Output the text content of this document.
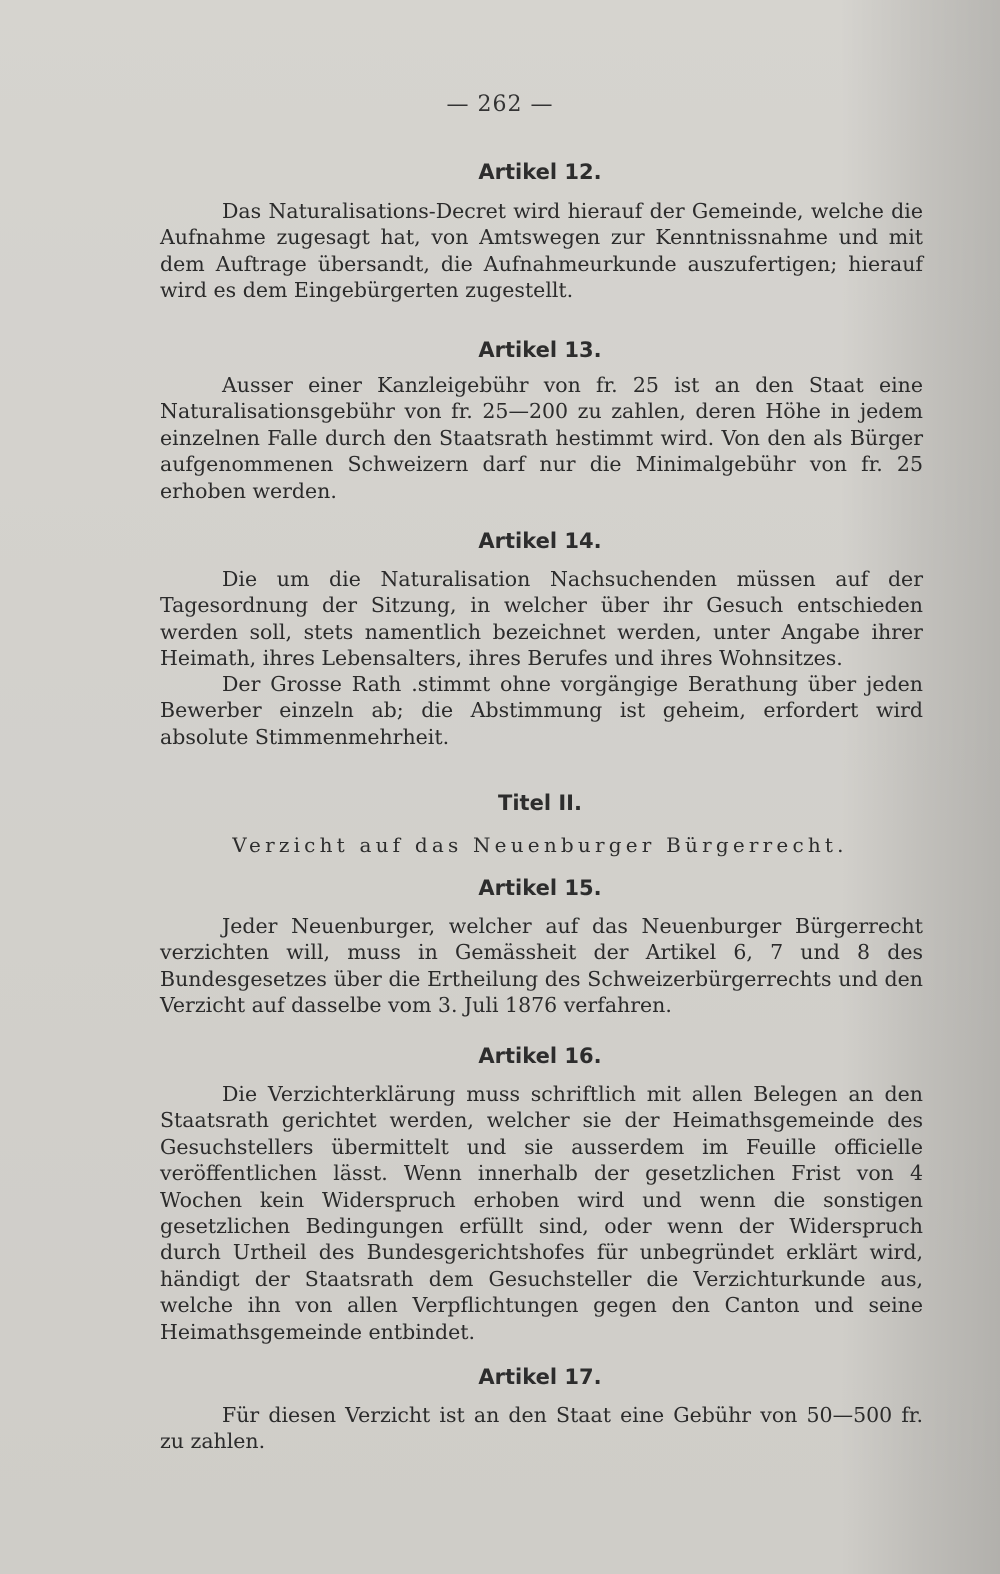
— 262 —
Artikel 12.
Das Naturalisations-Decret wird hierauf der Gemeinde, welche die Aufnahme zugesagt hat, von Amtswegen zur Kenntnissnahme und mit dem Auftrage übersandt, die Aufnahmeurkunde auszufertigen; hierauf wird es dem Eingebürgerten zugestellt.
Artikel 13.
Ausser einer Kanzleigebühr von fr. 25 ist an den Staat eine Naturalisationsgebühr von fr. 25—200 zu zahlen, deren Höhe in jedem einzelnen Falle durch den Staatsrath hestimmt wird. Von den als Bürger aufgenommenen Schweizern darf nur die Minimalgebühr von fr. 25 erhoben werden.
Artikel 14.
Die um die Naturalisation Nachsuchenden müssen auf der Tagesordnung der Sitzung, in welcher über ihr Gesuch entschieden werden soll, stets namentlich bezeichnet werden, unter Angabe ihrer Heimath, ihres Lebensalters, ihres Berufes und ihres Wohnsitzes.
Der Grosse Rath .stimmt ohne vorgängige Berathung über jeden Bewerber einzeln ab; die Abstimmung ist geheim, erfordert wird absolute Stimmenmehrheit.
Titel II.
Verzicht auf das Neuenburger Bürgerrecht.
Artikel 15.
Jeder Neuenburger, welcher auf das Neuenburger Bürgerrecht verzichten will, muss in Gemässheit der Artikel 6, 7 und 8 des Bundesgesetzes über die Ertheilung des Schweizerbürgerrechts und den Verzicht auf dasselbe vom 3. Juli 1876 verfahren.
Artikel 16.
Die Verzichterklärung muss schriftlich mit allen Belegen an den Staatsrath gerichtet werden, welcher sie der Heimathsgemeinde des Gesuchstellers übermittelt und sie ausserdem im Feuille officielle veröffentlichen lässt. Wenn innerhalb der gesetzlichen Frist von 4 Wochen kein Widerspruch erhoben wird und wenn die sonstigen gesetzlichen Bedingungen erfüllt sind, oder wenn der Widerspruch durch Urtheil des Bundesgerichtshofes für unbegründet erklärt wird, händigt der Staatsrath dem Gesuchsteller die Verzichturkunde aus, welche ihn von allen Verpflichtungen gegen den Canton und seine Heimathsgemeinde entbindet.
Artikel 17.
Für diesen Verzicht ist an den Staat eine Gebühr von 50—500 fr. zu zahlen.
